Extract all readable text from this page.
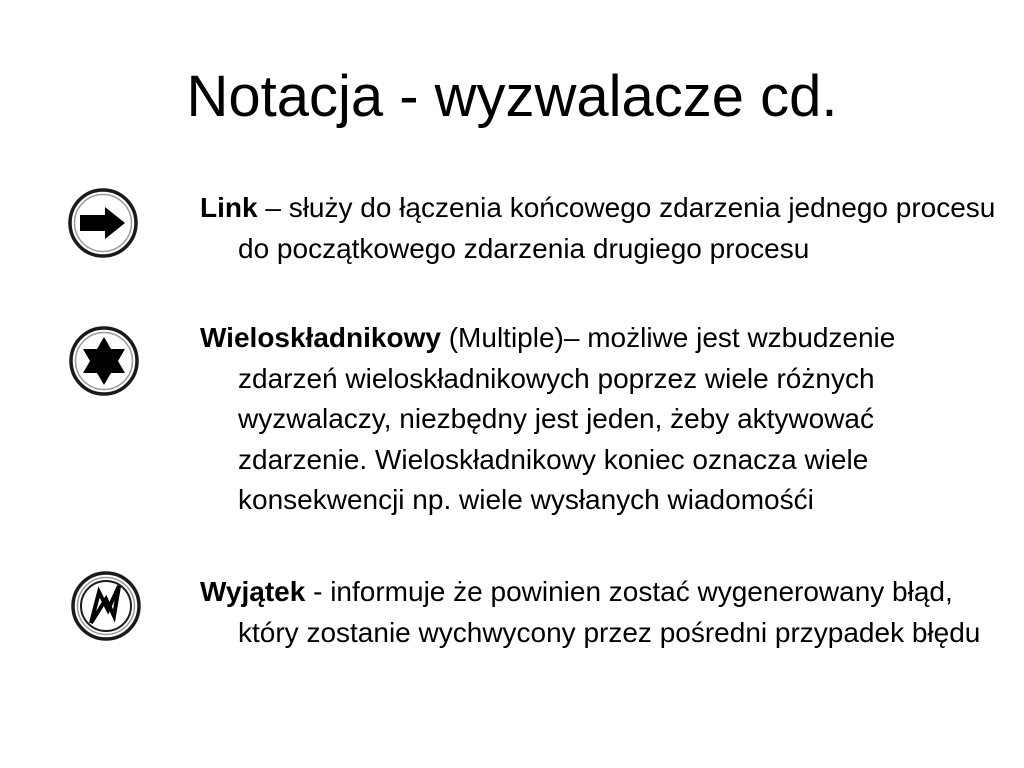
Notacja - wyzwalacze cd.
Link – służy do łączenia końcowego zdarzenia jednego procesu do początkowego zdarzenia drugiego procesu
Wieloskładnikowy (Multiple)– możliwe jest wzbudzenie zdarzeń wieloskładnikowych poprzez wiele różnych wyzwalaczy, niezbędny jest jeden, żeby aktywować zdarzenie. Wieloskładnikowy koniec oznacza wiele konsekwencji np. wiele wysłanych wiadomośći
Wyjątek - informuje że powinien zostać wygenerowany błąd, który zostanie wychwycony przez pośredni przypadek błędu
